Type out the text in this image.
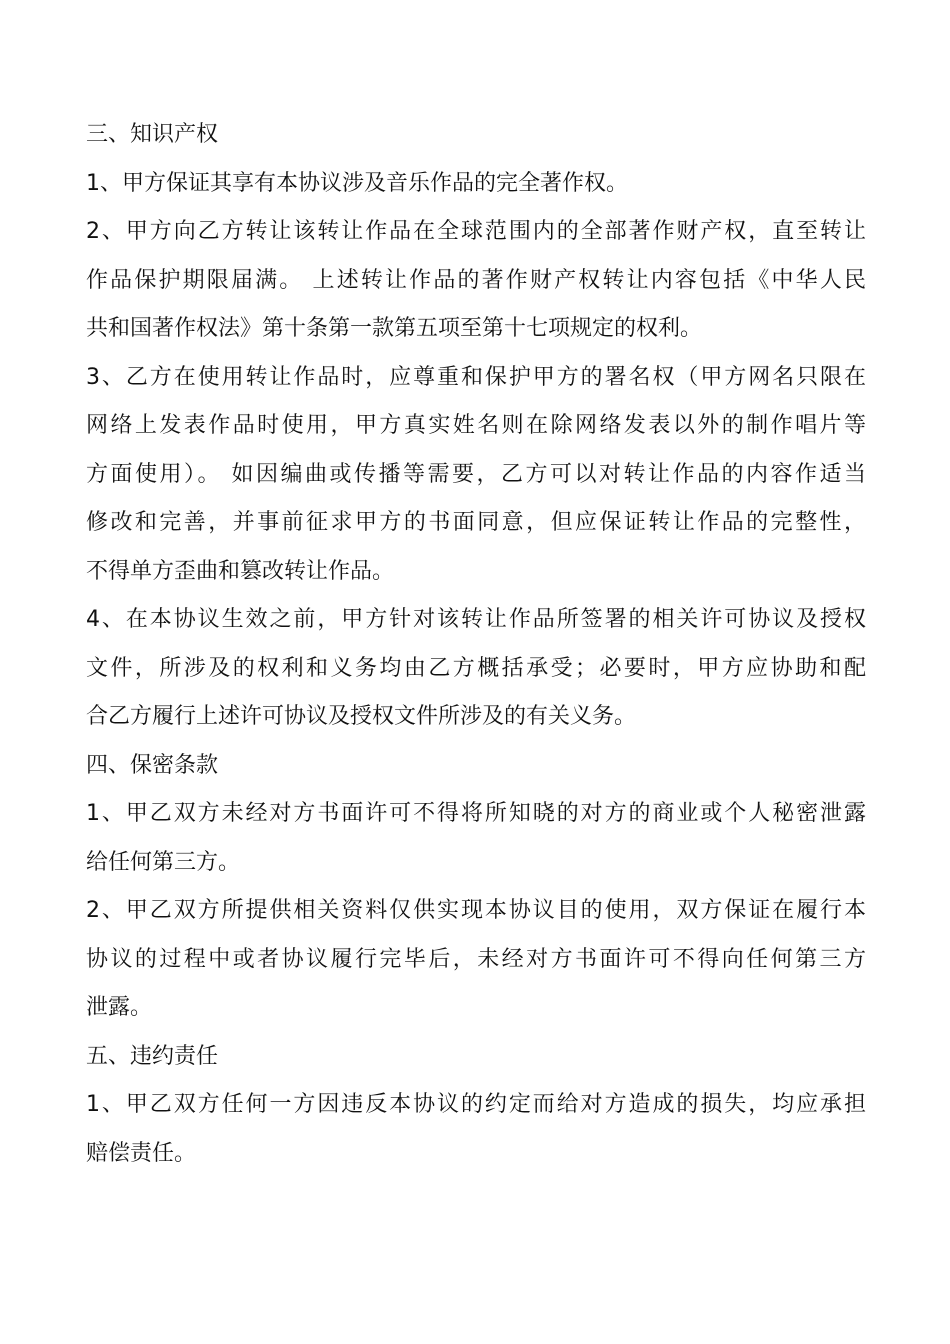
三、知识产权
1、甲方保证其享有本协议涉及音乐作品的完全著作权。
2、甲方向乙方转让该转让作品在全球范围内的全部著作财产权，直至转让
作品保护期限届满。 上述转让作品的著作财产权转让内容包括《中华人民
共和国著作权法》第十条第一款第五项至第十七项规定的权利。
3、乙方在使用转让作品时，应尊重和保护甲方的署名权（甲方网名只限在
网络上发表作品时使用，甲方真实姓名则在除网络发表以外的制作唱片等
方面使用）。 如因编曲或传播等需要，乙方可以对转让作品的内容作适当
修改和完善，并事前征求甲方的书面同意，但应保证转让作品的完整性，
不得单方歪曲和篡改转让作品。
4、在本协议生效之前，甲方针对该转让作品所签署的相关许可协议及授权
文件，所涉及的权利和义务均由乙方概括承受；必要时，甲方应协助和配
合乙方履行上述许可协议及授权文件所涉及的有关义务。
四、保密条款
1、甲乙双方未经对方书面许可不得将所知晓的对方的商业或个人秘密泄露
给任何第三方。
2、甲乙双方所提供相关资料仅供实现本协议目的使用，双方保证在履行本
协议的过程中或者协议履行完毕后，未经对方书面许可不得向任何第三方
泄露。
五、违约责任
1、甲乙双方任何一方因违反本协议的约定而给对方造成的损失，均应承担
赔偿责任。
